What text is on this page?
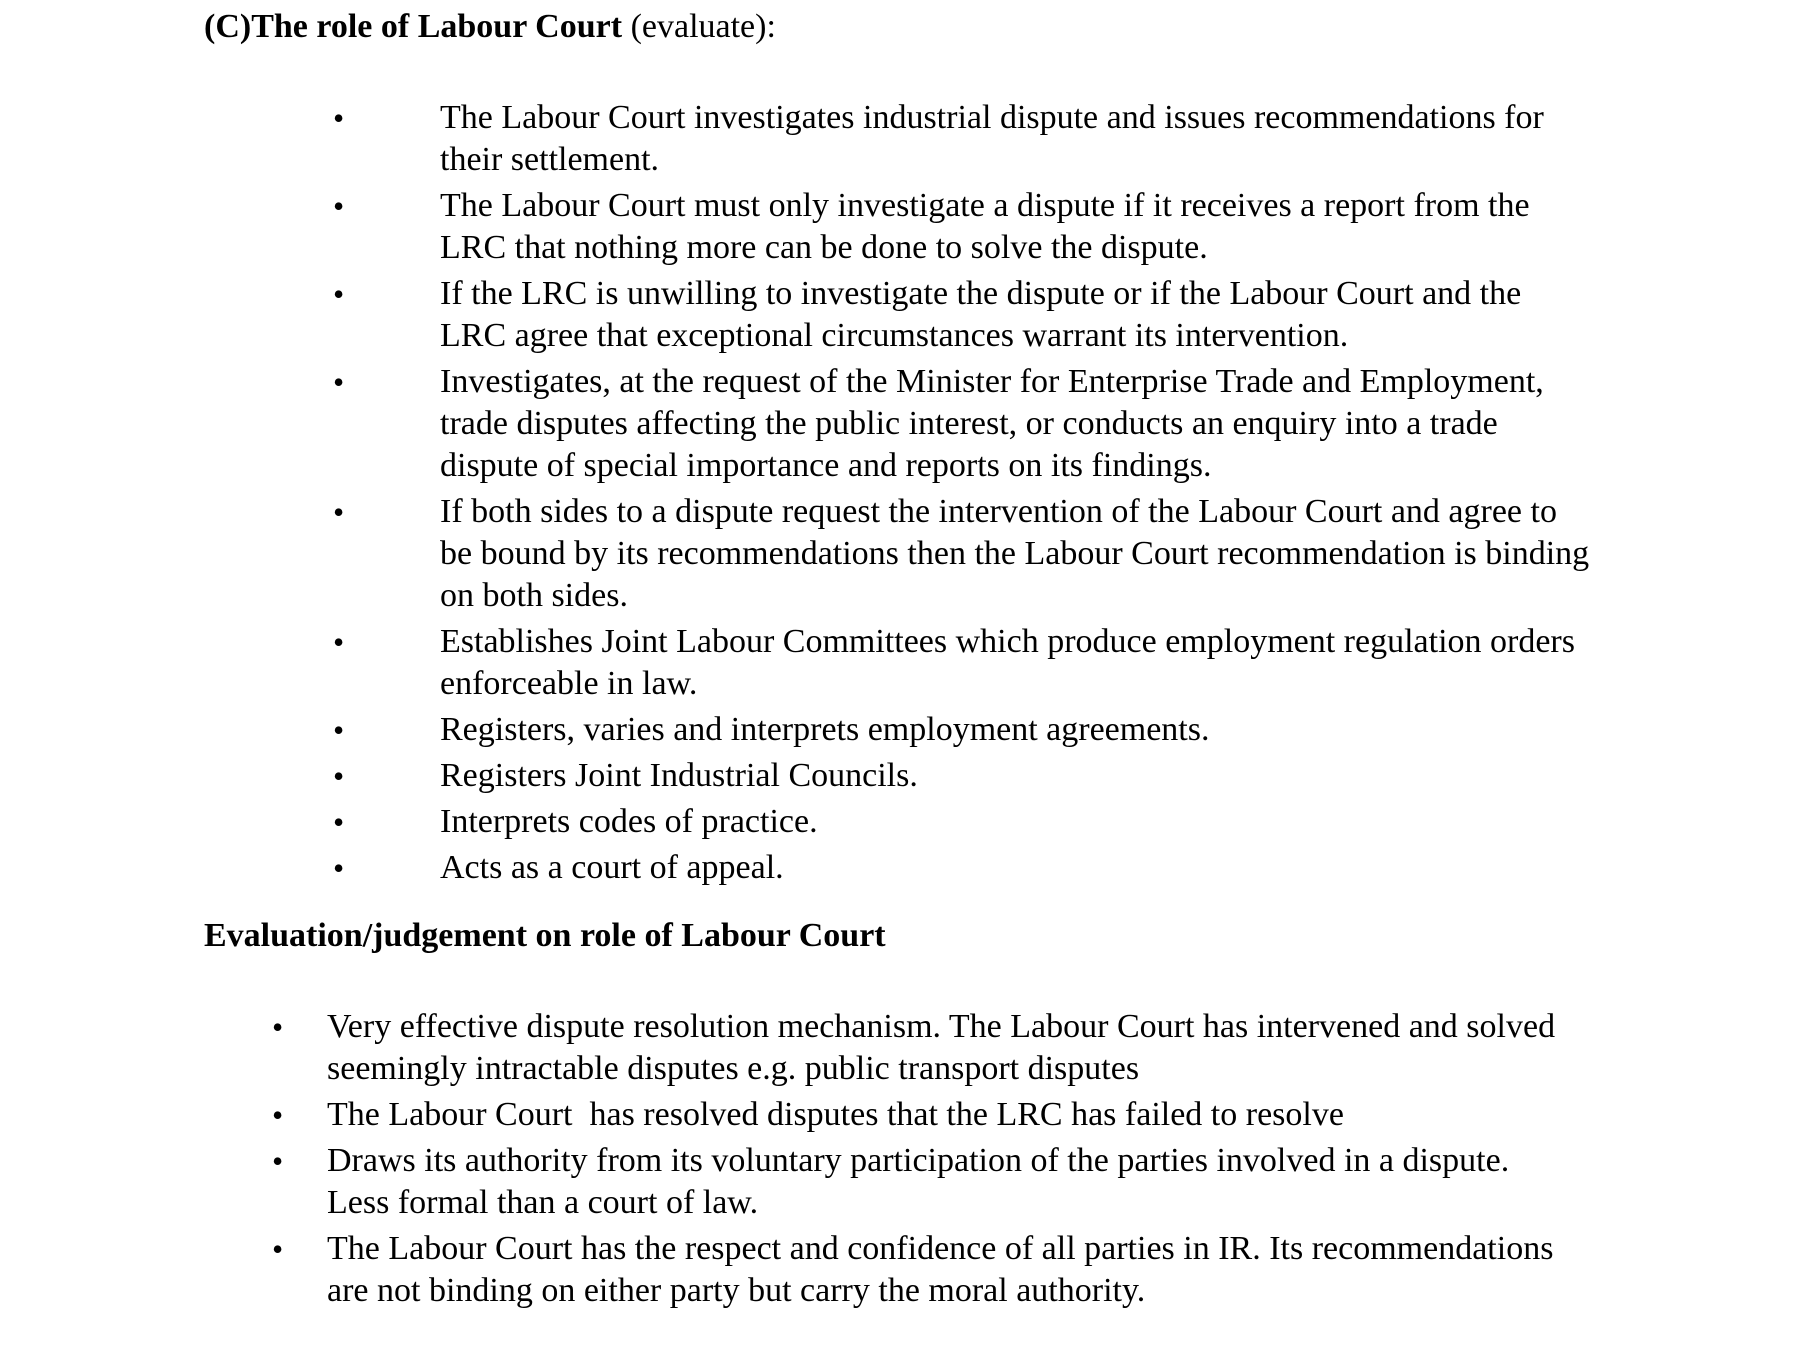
(C)The role of Labour Court (evaluate):
•	The Labour Court investigates industrial dispute and issues recommendations for their settlement.
•	The Labour Court must only investigate a dispute if it receives a report from the LRC that nothing more can be done to solve the dispute.
•	If the LRC is unwilling to investigate the dispute or if the Labour Court and the LRC agree that exceptional circumstances warrant its intervention.
•	Investigates, at the request of the Minister for Enterprise Trade and Employment, trade disputes affecting the public interest, or conducts an enquiry into a trade dispute of special importance and reports on its findings.
•	If both sides to a dispute request the intervention of the Labour Court and agree to be bound by its recommendations then the Labour Court recommendation is binding on both sides.
•	Establishes Joint Labour Committees which produce employment regulation orders enforceable in law.
•	Registers, varies and interprets employment agreements.
•	Registers Joint Industrial Councils.
•	Interprets codes of practice.
•	Acts as a court of appeal.
Evaluation/judgement on role of Labour Court
•	Very effective dispute resolution mechanism. The Labour Court has intervened and solved seemingly intractable disputes e.g. public transport disputes
•	The Labour Court  has resolved disputes that the LRC has failed to resolve
•	Draws its authority from its voluntary participation of the parties involved in a dispute. Less formal than a court of law.
•	The Labour Court has the respect and confidence of all parties in IR. Its recommendations are not binding on either party but carry the moral authority.
